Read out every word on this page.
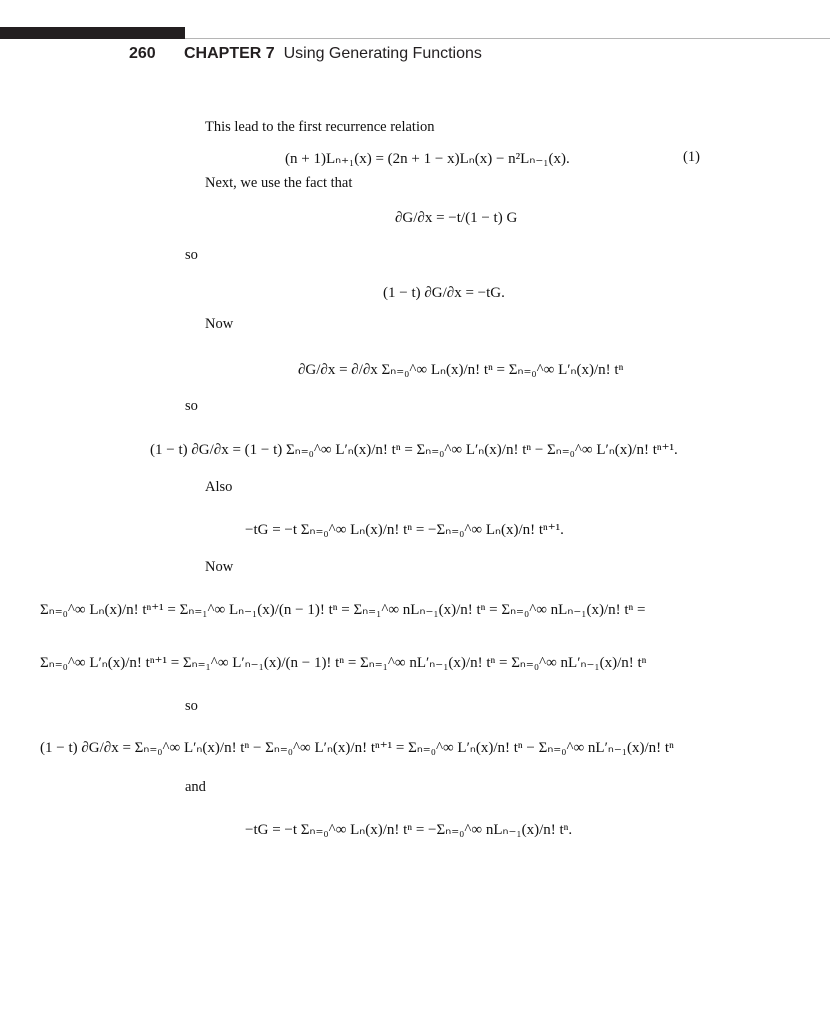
260 CHAPTER 7 Using Generating Functions
This lead to the first recurrence relation
(n + 1)Lₙ₊₁(x) = (2n + 1 − x)Lₙ(x) − n²Lₙ₋₁(x).	(1)
Next, we use the fact that
∂G/∂x = −t/(1 − t) G
so
(1 − t) ∂G/∂x = −tG.
Now
∂G/∂x = ∂/∂x Σₙ₌₀^∞ Lₙ(x)/n! tⁿ = Σₙ₌₀^∞ L′ₙ(x)/n! tⁿ
so
(1 − t) ∂G/∂x = (1 − t) Σₙ₌₀^∞ L′ₙ(x)/n! tⁿ = Σₙ₌₀^∞ L′ₙ(x)/n! tⁿ − Σₙ₌₀^∞ L′ₙ(x)/n! tⁿ⁺¹.
Also
−tG = −t Σₙ₌₀^∞ Lₙ(x)/n! tⁿ = −Σₙ₌₀^∞ Lₙ(x)/n! tⁿ⁺¹.
Now
Σₙ₌₀^∞ Lₙ(x)/n! tⁿ⁺¹ = Σₙ₌₁^∞ Lₙ₋₁(x)/(n − 1)! tⁿ = Σₙ₌₁^∞ nLₙ₋₁(x)/n! tⁿ = Σₙ₌₀^∞ nLₙ₋₁(x)/n! tⁿ =
Σₙ₌₀^∞ L′ₙ(x)/n! tⁿ⁺¹ = Σₙ₌₁^∞ L′ₙ₋₁(x)/(n − 1)! tⁿ = Σₙ₌₁^∞ nL′ₙ₋₁(x)/n! tⁿ = Σₙ₌₀^∞ nL′ₙ₋₁(x)/n! tⁿ
so
(1 − t) ∂G/∂x = Σₙ₌₀^∞ L′ₙ(x)/n! tⁿ − Σₙ₌₀^∞ L′ₙ(x)/n! tⁿ⁺¹ = Σₙ₌₀^∞ L′ₙ(x)/n! tⁿ − Σₙ₌₀^∞ nL′ₙ₋₁(x)/n! tⁿ
and
−tG = −t Σₙ₌₀^∞ Lₙ(x)/n! tⁿ = −Σₙ₌₀^∞ nLₙ₋₁(x)/n! tⁿ.
